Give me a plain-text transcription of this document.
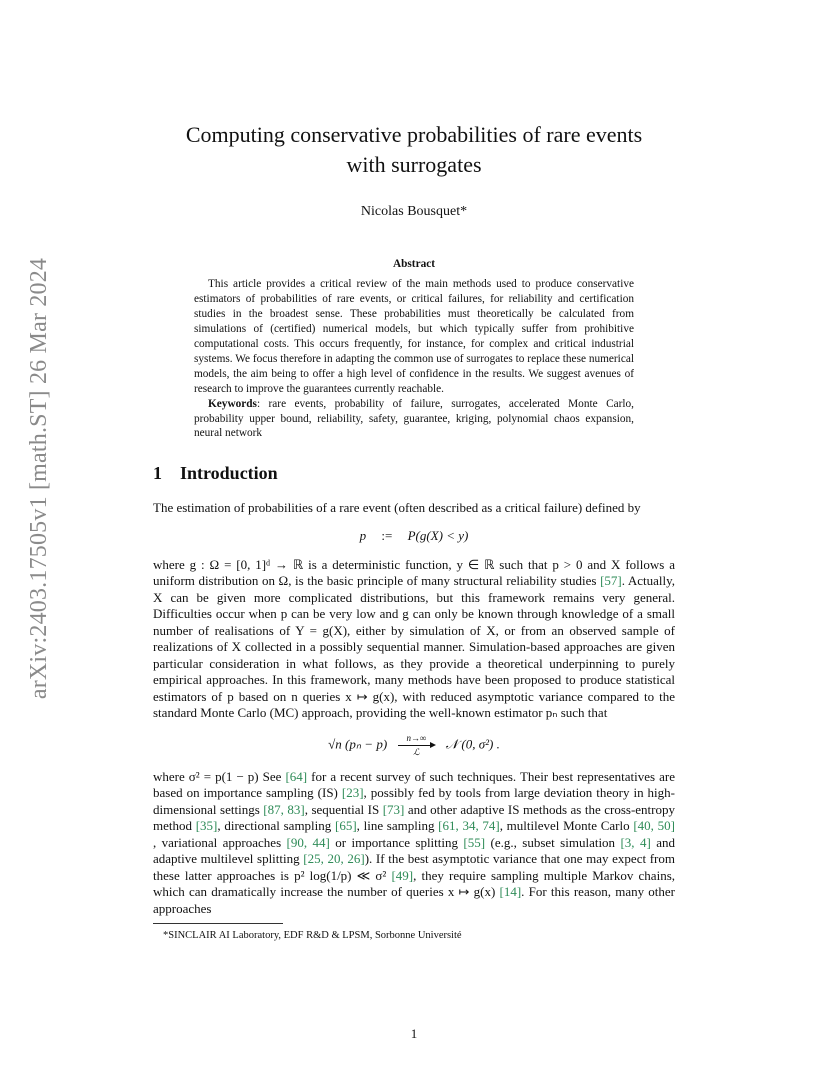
arXiv:2403.17505v1 [math.ST] 26 Mar 2024
Computing conservative probabilities of rare events
with surrogates
Nicolas Bousquet*
Abstract

This article provides a critical review of the main methods used to produce conservative estimators of probabilities of rare events, or critical failures, for reliability and certification studies in the broadest sense. These probabilities must theoretically be calculated from simulations of (certified) numerical models, but which typically suffer from prohibitive computational costs. This occurs frequently, for instance, for complex and critical industrial systems. We focus therefore in adapting the common use of surrogates to replace these numerical models, the aim being to offer a high level of confidence in the results. We suggest avenues of research to improve the guarantees currently reachable.

Keywords: rare events, probability of failure, surrogates, accelerated Monte Carlo, probability upper bound, reliability, safety, guarantee, kriging, polynomial chaos expansion, neural network

1 Introduction

The estimation of probabilities of a rare event (often described as a critical failure) defined by

p := P(g(X) < y)

where g : Ω = [0, 1]ᵈ → ℝ is a deterministic function, y ∈ ℝ such that p > 0 and X follows a uniform distribution on Ω, is the basic principle of many structural reliability studies [57]. Actually, X can be given more complicated distributions, but this framework remains very general. Difficulties occur when p can be very low and g can only be known through knowledge of a small number of realisations of Y = g(X), either by simulation of X, or from an observed sample of realizations of X collected in a possibly sequential manner. Simulation-based approaches are given particular consideration in what follows, as they provide a theoretical underpinning to purely empirical approaches. In this framework, many methods have been proposed to produce statistical estimators of p based on n queries x ↦ g(x), with reduced asymptotic variance compared to the standard Monte Carlo (MC) approach, providing the well-known estimator pₙ such that

√n (pₙ − p) n→∞
ℒ
𝒩 (0, σ²) .

where σ² = p(1 − p) See [64] for a recent survey of such techniques. Their best representatives are based on importance sampling (IS) [23], possibly fed by tools from large deviation theory in high-dimensional settings [87, 83], sequential IS [73] and other adaptive IS methods as the cross-entropy method [35], directional sampling [65], line sampling [61, 34, 74], multilevel Monte Carlo [40, 50] , variational approaches [90, 44] or importance splitting [55] (e.g., subset simulation [3, 4] and adaptive multilevel splitting [25, 20, 26]). If the best asymptotic variance that one may expect from these latter approaches is p² log(1/p) ≪ σ² [49], they require sampling multiple Markov chains, which can dramatically increase the number of queries x ↦ g(x) [14]. For this reason, many other approaches

*SINCLAIR AI Laboratory, EDF R&D & LPSM, Sorbonne Université
1
